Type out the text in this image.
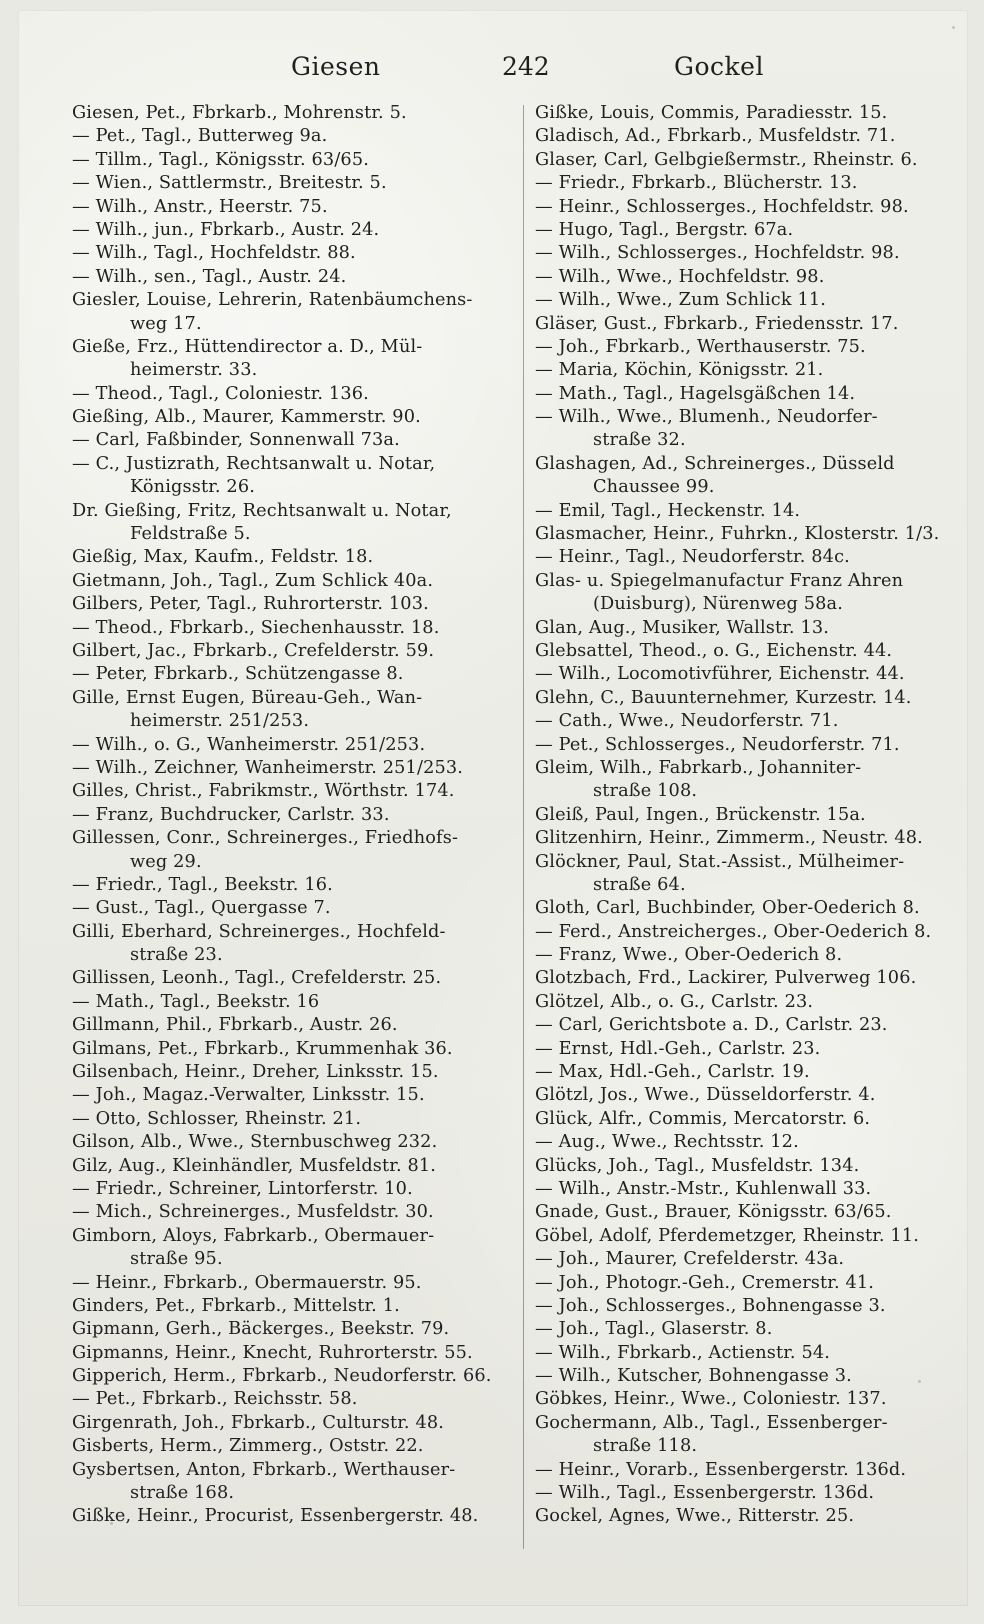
Giesen	242	Gockel
Giesen, Pet., Fbrkarb., Mohrenstr. 5.
— Pet., Tagl., Butterweg 9a.
— Tillm., Tagl., Königsstr. 63/65.
— Wien., Sattlermstr., Breitestr. 5.
— Wilh., Anstr., Heerstr. 75.
— Wilh., jun., Fbrkarb., Austr. 24.
— Wilh., Tagl., Hochfeldstr. 88.
— Wilh., sen., Tagl., Austr. 24.
Giesler, Louise, Lehrerin, Ratenbäumchens-
weg 17.
Gieße, Frz., Hüttendirector a. D., Mül-
heimerstr. 33.
— Theod., Tagl., Coloniestr. 136.
Gießing, Alb., Maurer, Kammerstr. 90.
— Carl, Faßbinder, Sonnenwall 73a.
— C., Justizrath, Rechtsanwalt u. Notar,
Königsstr. 26.
Dr. Gießing, Fritz, Rechtsanwalt u. Notar,
Feldstraße 5.
Gießig, Max, Kaufm., Feldstr. 18.
Gietmann, Joh., Tagl., Zum Schlick 40a.
Gilbers, Peter, Tagl., Ruhrorterstr. 103.
— Theod., Fbrkarb., Siechenhausstr. 18.
Gilbert, Jac., Fbrkarb., Crefelderstr. 59.
— Peter, Fbrkarb., Schützengasse 8.
Gille, Ernst Eugen, Büreau-Geh., Wan-
heimerstr. 251/253.
— Wilh., o. G., Wanheimerstr. 251/253.
— Wilh., Zeichner, Wanheimerstr. 251/253.
Gilles, Christ., Fabrikmstr., Wörthstr. 174.
— Franz, Buchdrucker, Carlstr. 33.
Gillessen, Conr., Schreinerges., Friedhofs-
weg 29.
— Friedr., Tagl., Beekstr. 16.
— Gust., Tagl., Quergasse 7.
Gilli, Eberhard, Schreinerges., Hochfeld-
straße 23.
Gillissen, Leonh., Tagl., Crefelderstr. 25.
— Math., Tagl., Beekstr. 16
Gillmann, Phil., Fbrkarb., Austr. 26.
Gilmans, Pet., Fbrkarb., Krummenhak 36.
Gilsenbach, Heinr., Dreher, Linksstr. 15.
— Joh., Magaz.-Verwalter, Linksstr. 15.
— Otto, Schlosser, Rheinstr. 21.
Gilson, Alb., Wwe., Sternbuschweg 232.
Gilz, Aug., Kleinhändler, Musfeldstr. 81.
— Friedr., Schreiner, Lintorferstr. 10.
— Mich., Schreinerges., Musfeldstr. 30.
Gimborn, Aloys, Fabrkarb., Obermauer-
straße 95.
— Heinr., Fbrkarb., Obermauerstr. 95.
Ginders, Pet., Fbrkarb., Mittelstr. 1.
Gipmann, Gerh., Bäckerges., Beekstr. 79.
Gipmanns, Heinr., Knecht, Ruhrorterstr. 55.
Gipperich, Herm., Fbrkarb., Neudorferstr. 66.
— Pet., Fbrkarb., Reichsstr. 58.
Girgenrath, Joh., Fbrkarb., Culturstr. 48.
Gisberts, Herm., Zimmerg., Oststr. 22.
Gysbertsen, Anton, Fbrkarb., Werthauser-
straße 168.
Gißke, Heinr., Procurist, Essenbergerstr. 48.
Gißke, Louis, Commis, Paradiesstr. 15.
Gladisch, Ad., Fbrkarb., Musfeldstr. 71.
Glaser, Carl, Gelbgießermstr., Rheinstr. 6.
— Friedr., Fbrkarb., Blücherstr. 13.
— Heinr., Schlosserges., Hochfeldstr. 98.
— Hugo, Tagl., Bergstr. 67a.
— Wilh., Schlosserges., Hochfeldstr. 98.
— Wilh., Wwe., Hochfeldstr. 98.
— Wilh., Wwe., Zum Schlick 11.
Gläser, Gust., Fbrkarb., Friedensstr. 17.
— Joh., Fbrkarb., Werthauserstr. 75.
— Maria, Köchin, Königsstr. 21.
— Math., Tagl., Hagelsgäßchen 14.
— Wilh., Wwe., Blumenh., Neudorfer-
straße 32.
Glashagen, Ad., Schreinerges., Düsseld
Chaussee 99.
— Emil, Tagl., Heckenstr. 14.
Glasmacher, Heinr., Fuhrkn., Klosterstr. 1/3.
— Heinr., Tagl., Neudorferstr. 84c.
Glas- u. Spiegelmanufactur Franz Ahren
(Duisburg), Nürenweg 58a.
Glan, Aug., Musiker, Wallstr. 13.
Glebsattel, Theod., o. G., Eichenstr. 44.
— Wilh., Locomotivführer, Eichenstr. 44.
Glehn, C., Bauunternehmer, Kurzestr. 14.
— Cath., Wwe., Neudorferstr. 71.
— Pet., Schlosserges., Neudorferstr. 71.
Gleim, Wilh., Fabrkarb., Johanniter-
straße 108.
Gleiß, Paul, Ingen., Brückenstr. 15a.
Glitzenhirn, Heinr., Zimmerm., Neustr. 48.
Glöckner, Paul, Stat.-Assist., Mülheimer-
straße 64.
Gloth, Carl, Buchbinder, Ober-Oederich 8.
— Ferd., Anstreicherges., Ober-Oederich 8.
— Franz, Wwe., Ober-Oederich 8.
Glotzbach, Frd., Lackirer, Pulverweg 106.
Glötzel, Alb., o. G., Carlstr. 23.
— Carl, Gerichtsbote a. D., Carlstr. 23.
— Ernst, Hdl.-Geh., Carlstr. 23.
— Max, Hdl.-Geh., Carlstr. 19.
Glötzl, Jos., Wwe., Düsseldorferstr. 4.
Glück, Alfr., Commis, Mercatorstr. 6.
— Aug., Wwe., Rechtsstr. 12.
Glücks, Joh., Tagl., Musfeldstr. 134.
— Wilh., Anstr.-Mstr., Kuhlenwall 33.
Gnade, Gust., Brauer, Königsstr. 63/65.
Göbel, Adolf, Pferdemetzger, Rheinstr. 11.
— Joh., Maurer, Crefelderstr. 43a.
— Joh., Photogr.-Geh., Cremerstr. 41.
— Joh., Schlosserges., Bohnengasse 3.
— Joh., Tagl., Glaserstr. 8.
— Wilh., Fbrkarb., Actienstr. 54.
— Wilh., Kutscher, Bohnengasse 3.
Göbkes, Heinr., Wwe., Coloniestr. 137.
Gochermann, Alb., Tagl., Essenberger-
straße 118.
— Heinr., Vorarb., Essenbergerstr. 136d.
— Wilh., Tagl., Essenbergerstr. 136d.
Gockel, Agnes, Wwe., Ritterstr. 25.
